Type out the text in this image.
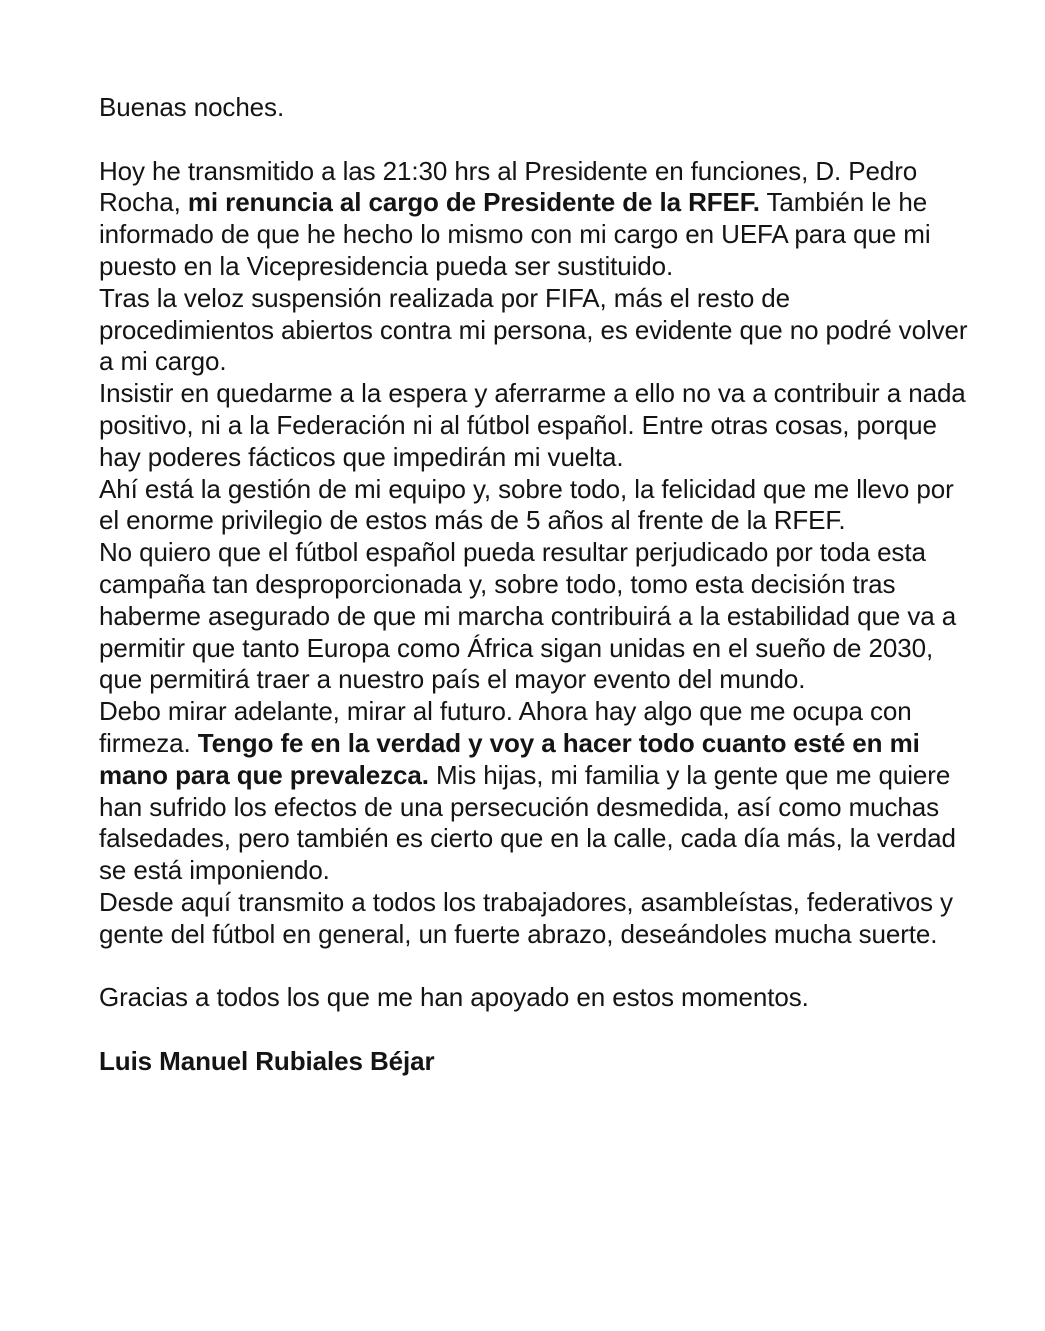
Buenas noches.

Hoy he transmitido a las 21:30 hrs al Presidente en funciones, D. Pedro Rocha, mi renuncia al cargo de Presidente de la RFEF. También le he informado de que he hecho lo mismo con mi cargo en UEFA para que mi puesto en la Vicepresidencia pueda ser sustituido.

Tras la veloz suspensión realizada por FIFA, más el resto de procedimientos abiertos contra mi persona, es evidente que no podré volver a mi cargo.

Insistir en quedarme a la espera y aferrarme a ello no va a contribuir a nada positivo, ni a la Federación ni al fútbol español. Entre otras cosas, porque hay poderes fácticos que impedirán mi vuelta.

Ahí está la gestión de mi equipo y, sobre todo, la felicidad que me llevo por el enorme privilegio de estos más de 5 años al frente de la RFEF.

No quiero que el fútbol español pueda resultar perjudicado por toda esta campaña tan desproporcionada y, sobre todo, tomo esta decisión tras haberme asegurado de que mi marcha contribuirá a la estabilidad que va a permitir que tanto Europa como África sigan unidas en el sueño de 2030, que permitirá traer a nuestro país el mayor evento del mundo.

Debo mirar adelante, mirar al futuro. Ahora hay algo que me ocupa con firmeza. Tengo fe en la verdad y voy a hacer todo cuanto esté en mi mano para que prevalezca. Mis hijas, mi familia y la gente que me quiere han sufrido los efectos de una persecución desmedida, así como muchas falsedades, pero también es cierto que en la calle, cada día más, la verdad se está imponiendo.

Desde aquí transmito a todos los trabajadores, asambleístas, federativos y gente del fútbol en general, un fuerte abrazo, deseándoles mucha suerte.

Gracias a todos los que me han apoyado en estos momentos.

Luis Manuel Rubiales Béjar
